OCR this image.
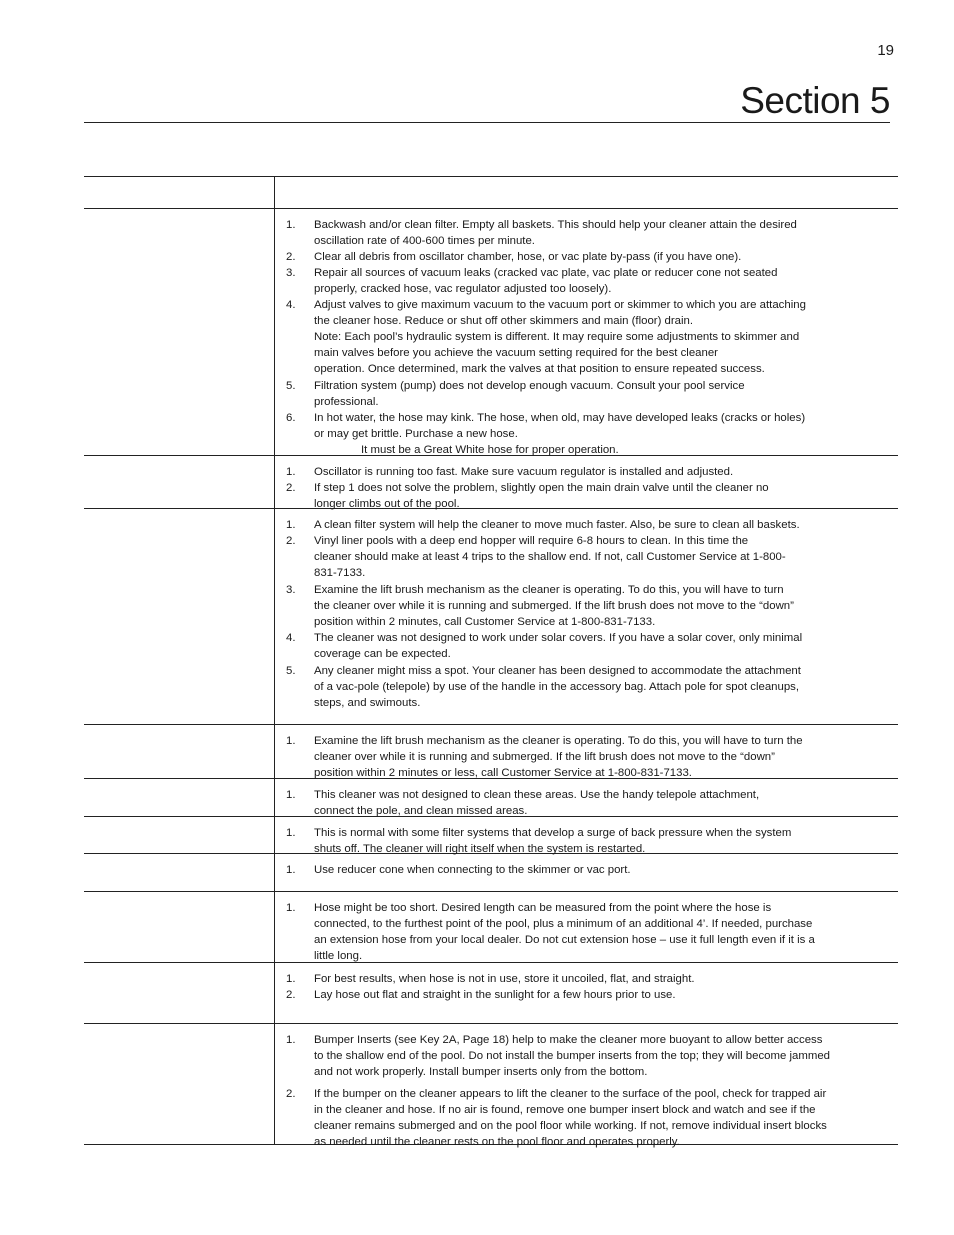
19
Section 5
1.	Backwash and/or clean filter. Empty all baskets. This should help your cleaner attain the desired
oscillation rate of 400-600 times per minute.
2.	Clear all debris from oscillator chamber, hose, or vac plate by-pass (if you have one).
3.	Repair all sources of vacuum leaks (cracked vac plate, vac plate or reducer cone not seated
properly, cracked hose, vac regulator adjusted too loosely).
4.	Adjust valves to give maximum vacuum to the vacuum port or skimmer to which you are attaching
the cleaner hose. Reduce or shut off other skimmers and main (floor) drain.
Note: Each pool’s hydraulic system is different. It may require some adjustments to skimmer and
main valves before you achieve the vacuum setting required for the best cleaner
operation. Once determined, mark the valves at that position to ensure repeated success.
5.	Filtration system (pump) does not develop enough vacuum. Consult your pool service
professional.
6.	In hot water, the hose may kink. The hose, when old, may have developed leaks (cracks or holes)
or may get brittle. Purchase a new hose.
It must be a Great White hose for proper operation.
1.	Oscillator is running too fast. Make sure vacuum regulator is installed and adjusted.
2.	If step 1 does not solve the problem, slightly open the main drain valve until the cleaner no
longer climbs out of the pool.
1.	A clean filter system will help the cleaner to move much faster. Also, be sure to clean all baskets.
2.	Vinyl liner pools with a deep end hopper will require 6-8 hours to clean. In this time the
cleaner should make at least 4 trips to the shallow end. If not, call Customer Service at 1-800-
831-7133.
3.	Examine the lift brush mechanism as the cleaner is operating. To do this, you will have to turn
the cleaner over while it is running and submerged. If the lift brush does not move to the “down”
position within 2 minutes, call Customer Service at 1-800-831-7133.
4.	The cleaner was not designed to work under solar covers. If you have a solar cover, only minimal
coverage can be expected.
5.	Any cleaner might miss a spot. Your cleaner has been designed to accommodate the attachment
of a vac-pole (telepole) by use of the handle in the accessory bag. Attach pole for spot cleanups,
steps, and swimouts.
1.	Examine the lift brush mechanism as the cleaner is operating. To do this, you will have to turn the
cleaner over while it is running and submerged. If the lift brush does not move to the “down”
position within 2 minutes or less, call Customer Service at 1-800-831-7133.
1.	This cleaner was not designed to clean these areas. Use the handy telepole attachment,
connect the pole, and clean missed areas.
1.	This is normal with some filter systems that develop a surge of back pressure when the system
shuts off. The cleaner will right itself when the system is restarted.
1.	Use reducer cone when connecting to the skimmer or vac port.
1.	Hose might be too short. Desired length can be measured from the point where the hose is
connected, to the furthest point of the pool, plus a minimum of an additional 4’. If needed, purchase
an extension hose from your local dealer. Do not cut extension hose – use it full length even if it is a
little long.
1.	For best results, when hose is not in use, store it uncoiled, flat, and straight.
2.	Lay hose out flat and straight in the sunlight for a few hours prior to use.
1.	Bumper Inserts (see Key 2A, Page 18) help to make the cleaner more buoyant to allow better access
to the shallow end of the pool. Do not install the bumper inserts from the top; they will become jammed
and not work properly. Install bumper inserts only from the bottom.
2.	If the bumper on the cleaner appears to lift the cleaner to the surface of the pool, check for trapped air
in the cleaner and hose. If no air is found, remove one bumper insert block and watch and see if the
cleaner remains submerged and on the pool floor while working. If not, remove individual insert blocks
as needed until the cleaner rests on the pool floor and operates properly.
